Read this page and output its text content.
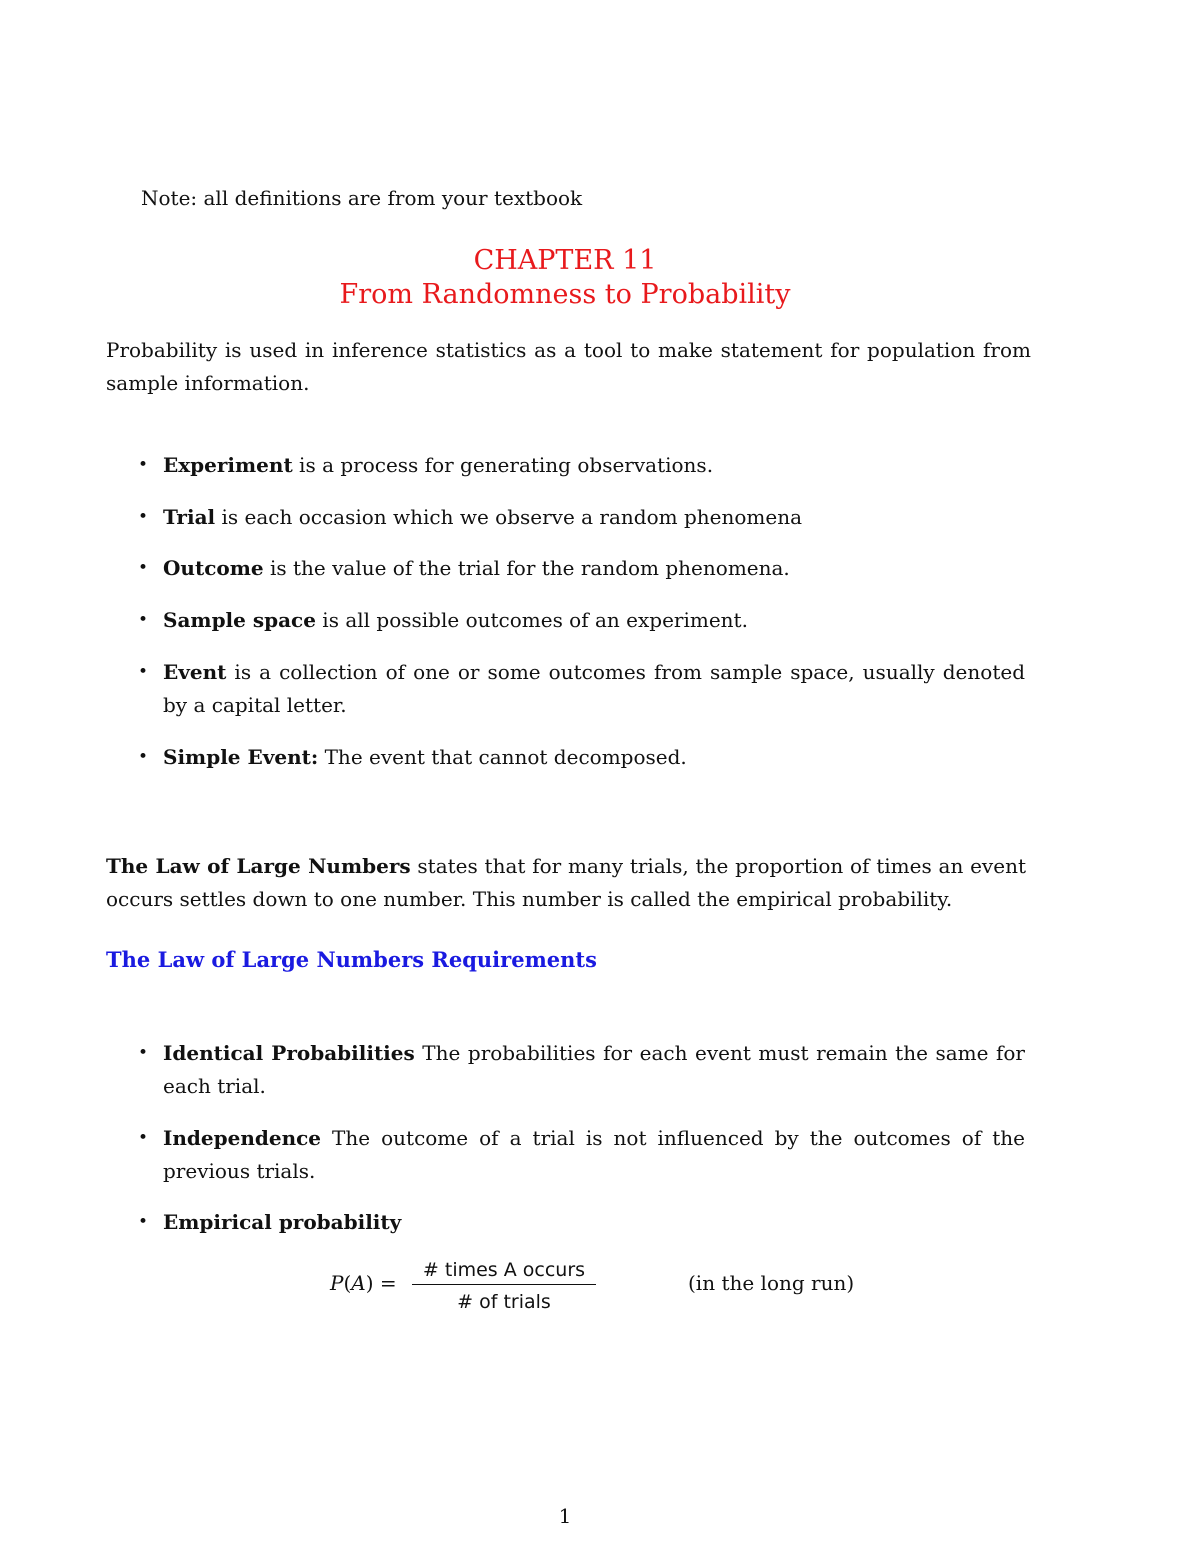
Note: all definitions are from your textbook
CHAPTER 11
From Randomness to Probability
Probability is used in inference statistics as a tool to make statement for population from sample information.
• Experiment is a process for generating observations.
• Trial is each occasion which we observe a random phenomena
• Outcome is the value of the trial for the random phenomena.
• Sample space is all possible outcomes of an experiment.
• Event is a collection of one or some outcomes from sample space, usually denoted by a capital letter.
• Simple Event: The event that cannot decomposed.
The Law of Large Numbers states that for many trials, the proportion of times an event occurs settles down to one number. This number is called the empirical probability.
The Law of Large Numbers Requirements
• Identical Probabilities The probabilities for each event must remain the same for each trial.
• Independence The outcome of a trial is not influenced by the outcomes of the previous trials.
• Empirical probability
P(A) =
# times A occurs
# of trials
(in the long run)
1
